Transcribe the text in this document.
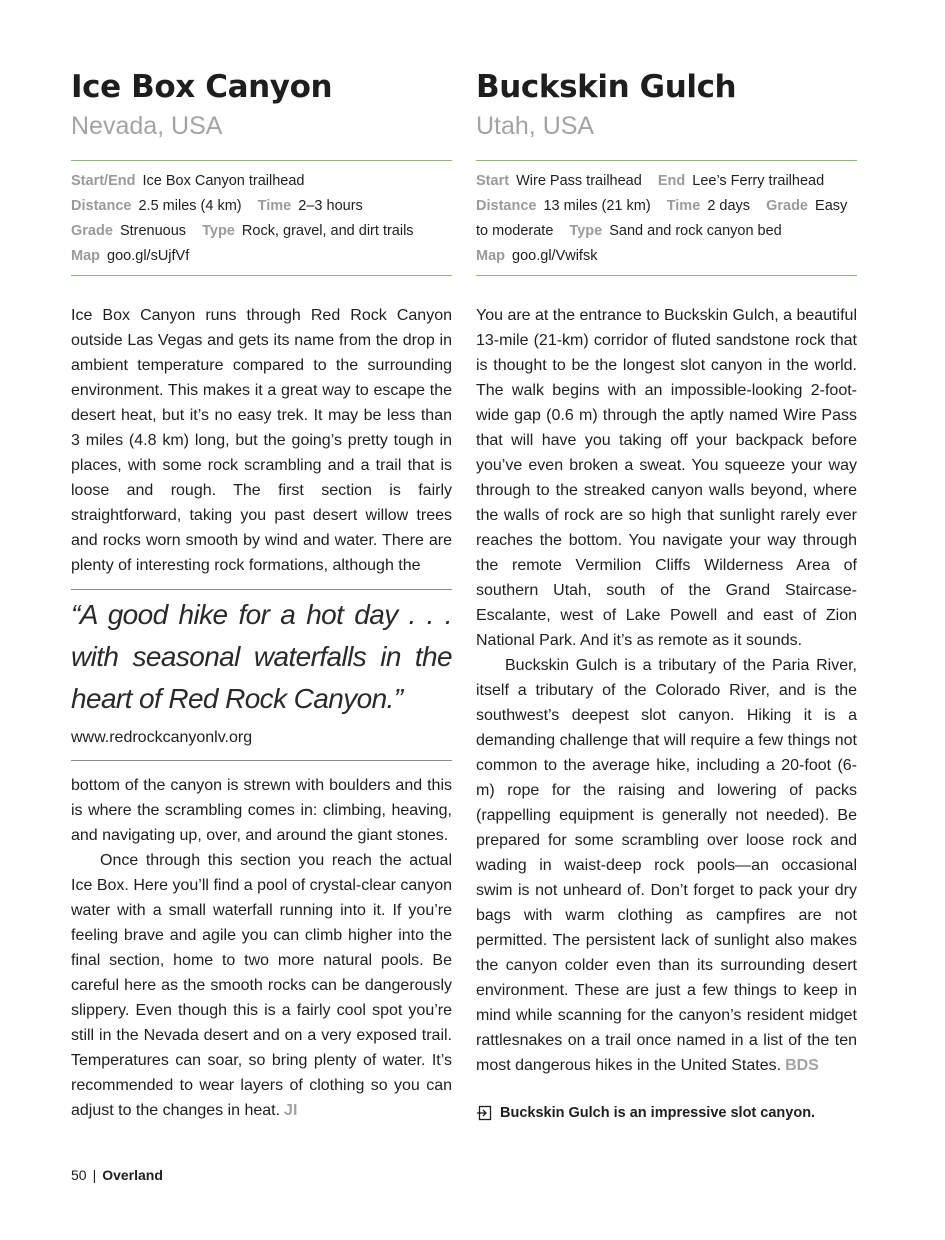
Ice Box Canyon
Nevada, USA
Start/End Ice Box Canyon trailhead
Distance 2.5 miles (4 km) Time 2–3 hours
Grade Strenuous Type Rock, gravel, and dirt trails Map goo.gl/sUjfVf

Ice Box Canyon runs through Red Rock Canyon outside Las Vegas and gets its name from the drop in ambient temperature compared to the surrounding environment. This makes it a great way to escape the desert heat, but it’s no easy trek. It may be less than 3 miles (4.8 km) long, but the going’s pretty tough in places, with some rock scrambling and a trail that is loose and rough. The first section is fairly straightforward, taking you past desert willow trees and rocks worn smooth by wind and water. There are plenty of interesting rock formations, although the

“A good hike for a hot day . . . with seasonal waterfalls in the heart of Red Rock Canyon.”
www.redrockcanyonlv.org

bottom of the canyon is strewn with boulders and this is where the scrambling comes in: climbing, heaving, and navigating up, over, and around the giant stones.

Once through this section you reach the actual Ice Box. Here you’ll find a pool of crystal-clear canyon water with a small waterfall running into it. If you’re feeling brave and agile you can climb higher into the final section, home to two more natural pools. Be careful here as the smooth rocks can be dangerously slippery. Even though this is a fairly cool spot you’re still in the Nevada desert and on a very exposed trail. Temperatures can soar, so bring plenty of water. It’s recommended to wear layers of clothing so you can adjust to the changes in heat. JI

Buckskin Gulch
Utah, USA
Start Wire Pass trailhead End Lee’s Ferry trailhead
Distance 13 miles (21 km) Time 2 days Grade Easy to moderate Type Sand and rock canyon bed
Map goo.gl/Vwifsk

You are at the entrance to Buckskin Gulch, a beautiful 13-mile (21-km) corridor of fluted sandstone rock that is thought to be the longest slot canyon in the world. The walk begins with an impossible-looking 2-foot-wide gap (0.6 m) through the aptly named Wire Pass that will have you taking off your backpack before you’ve even broken a sweat. You squeeze your way through to the streaked canyon walls beyond, where the walls of rock are so high that sunlight rarely ever reaches the bottom. You navigate your way through the remote Vermilion Cliffs Wilderness Area of southern Utah, south of the Grand Staircase-Escalante, west of Lake Powell and east of Zion National Park. And it’s as remote as it sounds.

Buckskin Gulch is a tributary of the Paria River, itself a tributary of the Colorado River, and is the southwest’s deepest slot canyon. Hiking it is a demanding challenge that will require a few things not common to the average hike, including a 20-foot (6-m) rope for the raising and lowering of packs (rappelling equipment is generally not needed). Be prepared for some scrambling over loose rock and wading in waist-deep rock pools—an occasional swim is not unheard of. Don’t forget to pack your dry bags with warm clothing as campfires are not permitted. The persistent lack of sunlight also makes the canyon colder even than its surrounding desert environment. These are just a few things to keep in mind while scanning for the canyon’s resident midget rattlesnakes on a trail once named in a list of the ten most dangerous hikes in the United States. BDS

Buckskin Gulch is an impressive slot canyon.
50 | Overland
